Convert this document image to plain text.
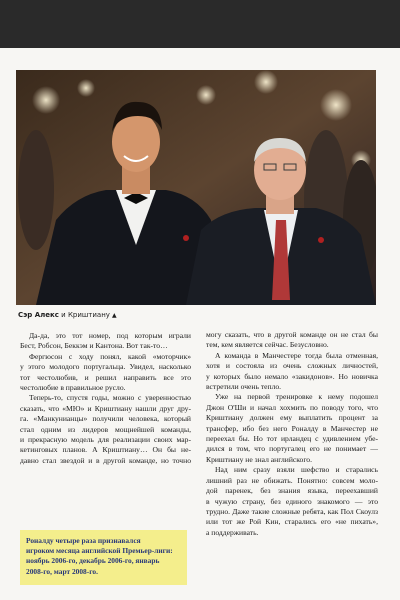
Сэр Алекс и Криштиану ▲
Да-да, это тот номер, под которым играли
Бест, Робсон, Беккэм и Кантона. Вот так-то…
Фергюсон с ходу понял, какой «моторчик»
у этого молодого португальца. Увидел, насколько
тот честолюбив, и решил направить все это
честолюбие в правильное русло.
Теперь-то, спустя годы, можно с уверенностью
сказать, что «МЮ» и Криштиану нашли друг дру-
га. «Манкунианцы» получили человека, который
стал одним из лидеров мощнейшей команды,
и прекрасную модель для реализации своих мар-
кетинговых планов. А Криштиану… Он бы не-
давно стал звездой и в другой команде, но точно
могу сказать, что в другой команде он не стал бы
тем, кем является сейчас. Безусловно.
А команда в Манчестере тогда была отменная,
хотя и состояла из очень сложных личностей,
у которых было немало «закидонов». Но новичка
встретили очень тепло.
Уже на первой тренировке к нему подошел
Джон О'Ши и начал хохмить по поводу того, что
Криштиану должен ему выплатить процент за
трансфер, ибо без него Роналду в Манчестер не
переехал бы. Но тот ирландец с удивлением убе-
дился в том, что португалец его не понимает —
Криштиану не знал английского.
Над ним сразу взяли шефство и старались
лишний раз не обижать. Понятно: совсем моло-
дой паренек, без знания языка, переехавший
в чужую страну, без единого знакомого — это
трудно. Даже такие сложные ребята, как Пол Скоулз
или тот же Рой Кин, старались его «не пихать»,
а поддерживать.
Роналду четыре раза признавался
игроком месяца английской Премьер-лиги:
ноябрь 2006-го, декабрь 2006-го, январь
2008-го, март 2008-го.
